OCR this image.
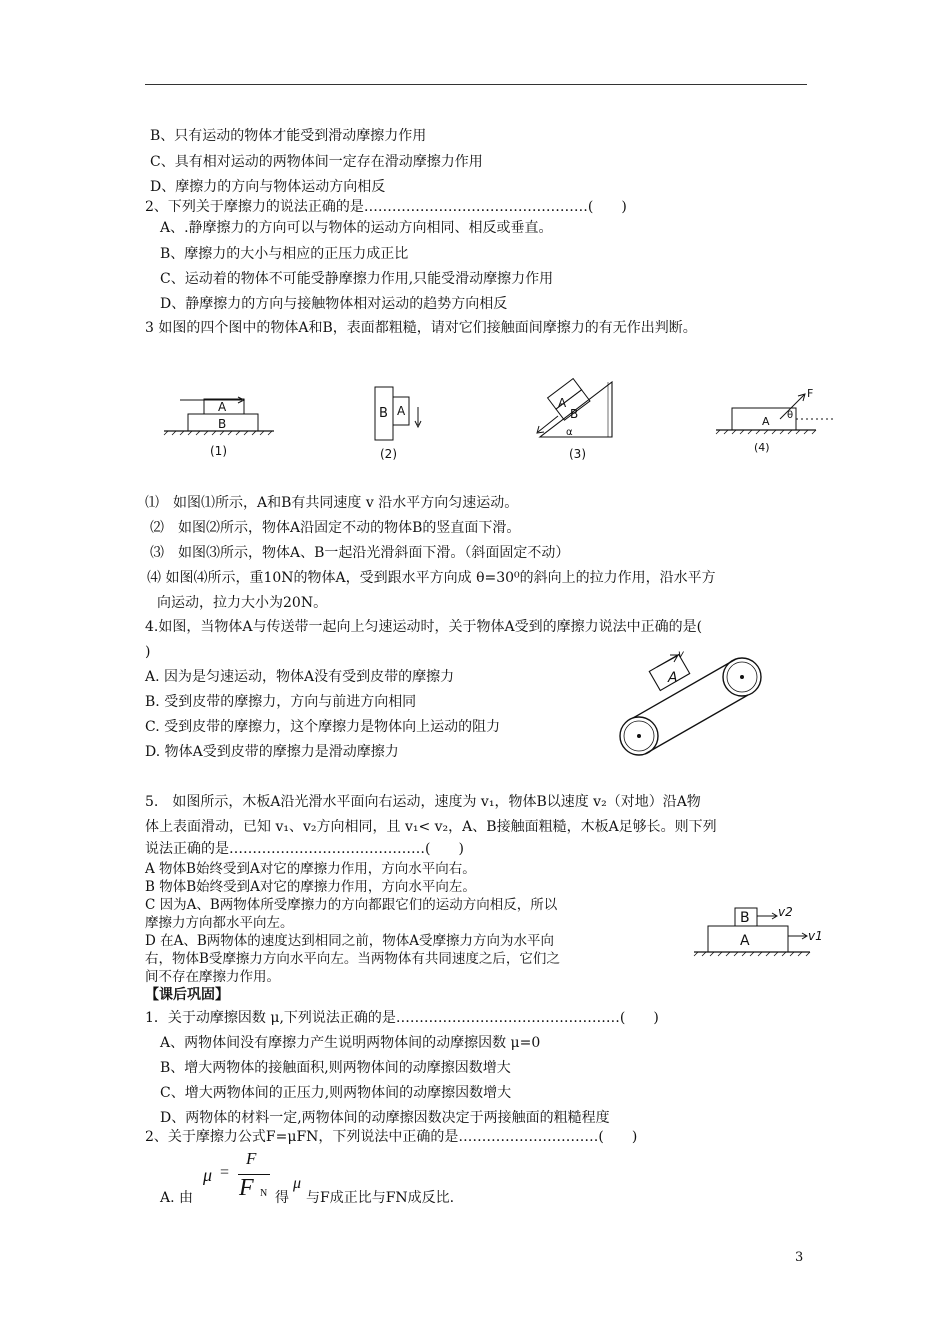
B、只有运动的物体才能受到滑动摩擦力作用
C、具有相对运动的两物体间一定存在滑动摩擦力作用
D、摩擦力的方向与物体运动方向相反
2、下列关于摩擦力的说法正确的是…………………………………………(　　)
A、.静摩擦力的方向可以与物体的运动方向相同、相反或垂直。
B、摩擦力的大小与相应的正压力成正比
C、运动着的物体不可能受静摩擦力作用,只能受滑动摩擦力作用
D、静摩擦力的方向与接触物体相对运动的趋势方向相反
3 如图的四个图中的物体A和B，表面都粗糙，请对它们接触面间摩擦力的有无作出判断。
A
B
(1)
B A
(2)
A
B
α
(3)
F
A θ
(4)
⑴　如图⑴所示，A和B有共同速度 v 沿水平方向匀速运动。
⑵　如图⑵所示，物体A沿固定不动的物体B的竖直面下滑。
⑶　如图⑶所示，物体A、B一起沿光滑斜面下滑。（斜面固定不动）
⑷ 如图⑷所示，重10N的物体A，受到跟水平方向成 θ=30⁰的斜向上的拉力作用，沿水平方
向运动，拉力大小为20N。
4.如图，当物体A与传送带一起向上匀速运动时，关于物体A受到的摩擦力说法中正确的是(
)
A. 因为是匀速运动，物体A没有受到皮带的摩擦力
B. 受到皮带的摩擦力，方向与前进方向相同
C. 受到皮带的摩擦力，这个摩擦力是物体向上运动的阻力
D. 物体A受到皮带的摩擦力是滑动摩擦力
v
A
5.　如图所示，木板A沿光滑水平面向右运动，速度为 v₁，物体B以速度 v₂（对地）沿A物
体上表面滑动，已知 v₁、v₂方向相同，且 v₁< v₂，A、B接触面粗糙，木板A足够长。则下列
说法正确的是……………………………………(　　)
A 物体B始终受到A对它的摩擦力作用，方向水平向右。
B 物体B始终受到A对它的摩擦力作用，方向水平向左。
C 因为A、B两物体所受摩擦力的方向都跟它们的运动方向相反，所以
摩擦力方向都水平向左。
D 在A、B两物体的速度达到相同之前，物体A受摩擦力方向为水平向
右，物体B受摩擦力方向水平向左。当两物体有共同速度之后，它们之
间不存在摩擦力作用。
B
A
v2
v1
【课后巩固】
1．关于动摩擦因数 μ,下列说法正确的是…………………………………………(　　)
A、两物体间没有摩擦力产生说明两物体间的动摩擦因数 μ=0
B、增大两物体的接触面积,则两物体间的动摩擦因数增大
C、增大两物体间的正压力,则两物体间的动摩擦因数增大
D、两物体的材料一定,两物体间的动摩擦因数决定于两接触面的粗糙程度
2、关于摩擦力公式F=μFN，下列说法中正确的是…………………………(　　)
A. 由
μ =
F
F N 得
μ
与F成正比与FN成反比.
3
